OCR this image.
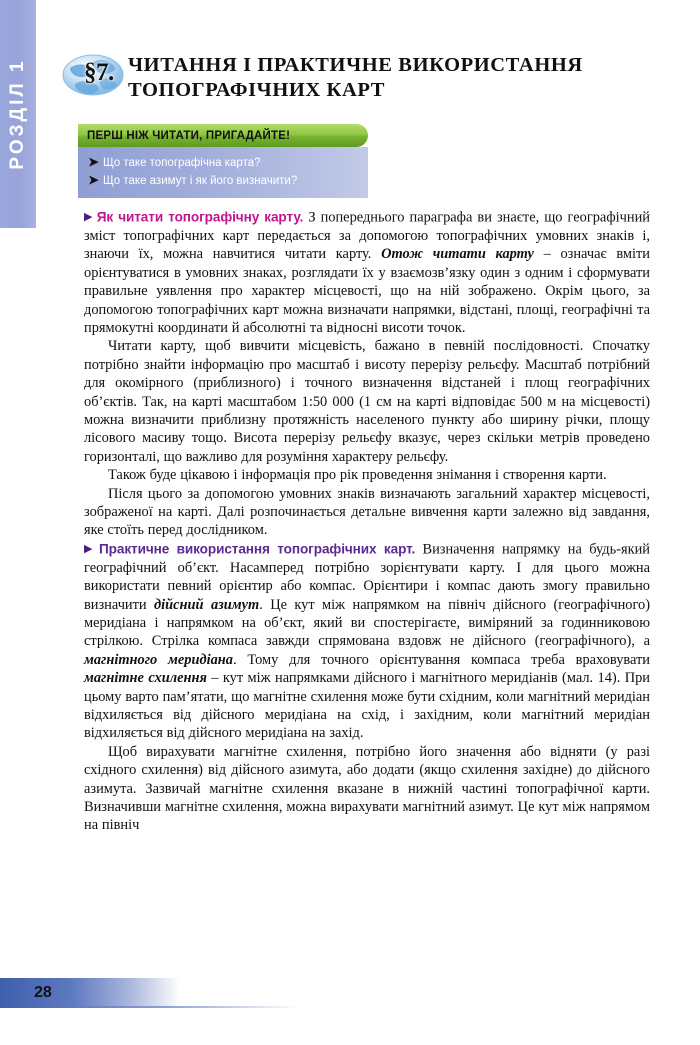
РОЗДІЛ 1	§7. ЧИТАННЯ І ПРАКТИЧНЕ ВИКОРИСТАННЯ
ТОПОГРАФІЧНИХ КАРТ
ПЕРШ НІЖ ЧИТАТИ, ПРИГАДАЙТЕ!
➤ Що таке топографічна карта?
➤ Що таке азимут і як його визначити?

▶ Як читати топографічну карту. З попереднього параграфа ви знаєте, що географічний зміст топографічних карт передається за допомогою топографічних умовних знаків і, знаючи їх, можна навчитися читати карту. Отож читати карту – означає вміти орієнтуватися в умовних знаках, розглядати їх у взаємозв’язку один з одним і сформувати правильне уявлення про характер місцевості, що на ній зображено. Окрім цього, за допомогою топографічних карт можна визначати напрямки, відстані, площі, географічні та прямокутні координати й абсолютні та відносні висоти точок.

Читати карту, щоб вивчити місцевість, бажано в певній послідовності. Спочатку потрібно знайти інформацію про масштаб і висоту перерізу рельєфу. Масштаб потрібний для окомірного (приблизного) і точного визначення відстаней і площ географічних об’єктів. Так, на карті масштабом 1:50 000 (1 см на карті відповідає 500 м на місцевості) можна визначити приблизну протяжність населеного пункту або ширину річки, площу лісового масиву тощо. Висота перерізу рельєфу вказує, через скільки метрів проведено горизонталі, що важливо для розуміння характеру рельєфу.

Також буде цікавою і інформація про рік проведення знімання і створення карти.

Після цього за допомогою умовних знаків визначають загальний характер місцевості, зображеної на карті. Далі розпочинається детальне вивчення карти залежно від завдання, яке стоїть перед дослідником.

▶ Практичне використання топографічних карт. Визначення напрямку на будь-який географічний об’єкт. Насамперед потрібно зорієнтувати карту. І для цього можна використати певний орієнтир або компас. Орієнтири і компас дають змогу правильно визначити дійсний азимут. Це кут між напрямком на північ дійсного (географічного) меридіана і напрямком на об’єкт, який ви спостерігаєте, виміряний за годинниковою стрілкою. Стрілка компаса завжди спрямована вздовж не дійсного (географічного), а магнітного меридіана. Тому для точного орієнтування компаса треба враховувати магнітне схилення – кут між напрямками дійсного і магнітного меридіанів (мал. 14). При цьому варто пам’ятати, що магнітне схилення може бути східним, коли магнітний меридіан відхиляється від дійсного меридіана на схід, і західним, коли магнітний меридіан відхиляється від дійсного меридіана на захід.

Щоб вирахувати магнітне схилення, потрібно його значення або відняти (у разі східного схилення) від дійсного азимута, або додати (якщо схилення західне) до дійсного азимута. Зазвичай магнітне схилення вказане в нижній частині топографічної карти. Визначивши магнітне схилення, можна вирахувати магнітний азимут. Це кут між напрямом на північ

28
